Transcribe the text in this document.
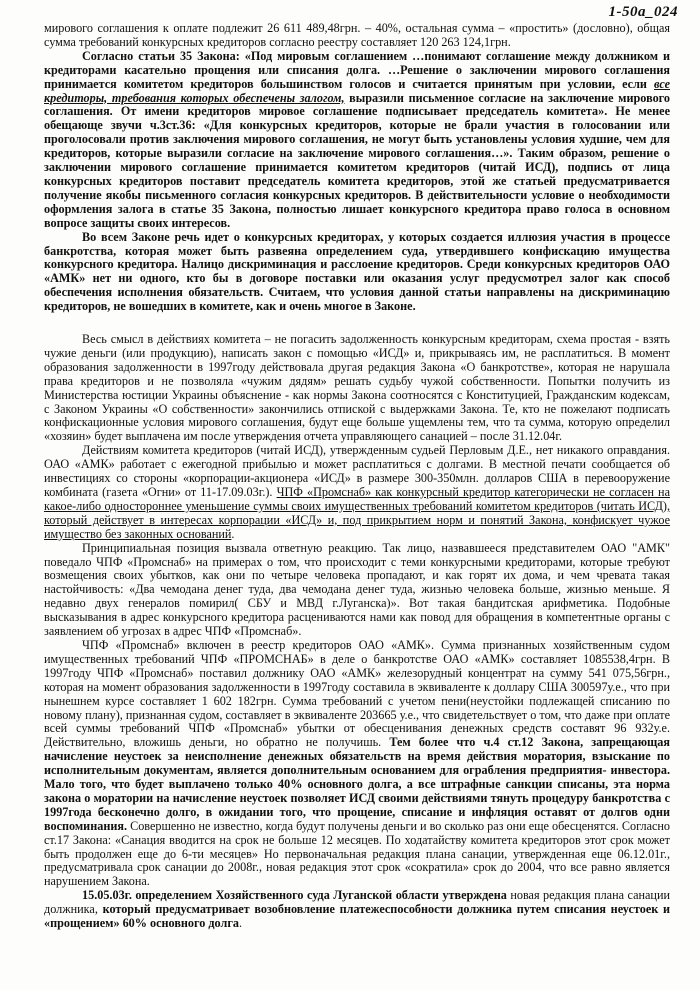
1-50а_024

мирового соглашения к оплате подлежит 26 611 489,48грн. – 40%, остальная сумма – «простить» (дословно), общая сумма требований конкурсных кредиторов согласно реестру составляет 120 263 124,1грн.

Согласно статьи 35 Закона: «Под мировым соглашением …понимают соглашение между должником и кредиторами касательно прощения или списания долга. …Решение о заключении мирового соглашения принимается комитетом кредиторов большинством голосов и считается принятым при условии, если все кредиторы, требования которых обеспечены залогом, выразили письменное согласие на заключение мирового соглашения. От имени кредиторов мировое соглашение подписывает председатель комитета». Не менее обещающе звучи ч.3ст.36: «Для конкурсных кредиторов, которые не брали участия в голосовании или проголосовали против заключения мирового соглашения, не могут быть установлены условия худшие, чем для кредиторов, которые выразили согласие на заключение мирового соглашения…». Таким образом, решение о заключении мирового соглашение принимается комитетом кредиторов (читай ИСД), подпись от лица конкурсных кредиторов поставит председатель комитета кредиторов, этой же статьей предусматривается получение якобы письменного согласия конкурсных кредиторов. В действительности условие о необходимости оформления залога в статье 35 Закона, полностью лишает конкурсного кредитора право голоса в основном вопросе защиты своих интересов.

Во всем Законе речь идет о конкурсных кредиторах, у которых создается иллюзия участия в процессе банкротства, которая может быть развеяна определением суда, утвердившего конфискацию имущества конкурсного кредитора. Налицо дискриминация и расслоение кредиторов. Среди конкурсных кредиторов ОАО «АМК» нет ни одного, кто бы в договоре поставки или оказания услуг предусмотрел залог как способ обеспечения исполнения обязательств. Считаем, что условия данной статьи направлены на дискриминацию кредиторов, не вошедших в комитете, как и очень многое в Законе.

Весь смысл в действиях комитета – не погасить задолженность конкурсным кредиторам, схема простая - взять чужие деньги (или продукцию), написать закон с помощью «ИСД» и, прикрываясь им, не расплатиться. В момент образования задолженности в 1997году действовала другая редакция Закона «О банкротстве», которая не нарушала права кредиторов и не позволяла «чужим дядям» решать судьбу чужой собственности. Попытки получить из Министерства юстиции Украины объяснение - как нормы Закона соотносятся с Конституцией, Гражданским кодексам, с Законом Украины «О собственности» закончились отпиской с выдержками Закона. Те, кто не пожелают подписать конфискационные условия мирового соглашения, будут еще больше ущемлены тем, что та сумма, которую определил «хозяин» будет выплачена им после утверждения отчета управляющего санацией – после 31.12.04г.

Действиям комитета кредиторов (читай ИСД), утвержденным судьей Перловым Д.Е., нет никакого оправдания. ОАО «АМК» работает с ежегодной прибылью и может расплатиться с долгами. В местной печати сообщается об инвестициях со стороны «корпорации-акционера «ИСД» в размере 300-350млн. долларов США в перевооружение комбината (газета «Огни» от 11-17.09.03г.). ЧПФ «Промснаб» как конкурсный кредитор категорически не согласен на какое-либо одностороннее уменьшение суммы своих имущественных требований комитетом кредиторов (читать ИСД), который действует в интересах корпорации «ИСД» и, под прикрытием норм и понятий Закона, конфискует чужое имущество без законных оснований.

Принципиальная позиция вызвала ответную реакцию. Так лицо, назвавшееся представителем ОАО "АМК" поведало ЧПФ «Промснаб» на примерах о том, что происходит с теми конкурсными кредиторами, которые требуют возмещения своих убытков, как они по четыре человека пропадают, и как горят их дома, и чем чревата такая настойчивость: «Два чемодана денег туда, два чемодана денег туда, жизнью человека больше, жизнью меньше. Я недавно двух генералов помирил( СБУ и МВД г.Луганска)». Вот такая бандитская арифметика. Подобные высказывания в адрес конкурсного кредитора расцениваются нами как повод для обращения в компетентные органы с заявлением об угрозах в адрес ЧПФ «Промснаб».

ЧПФ «Промснаб» включен в реестр кредиторов ОАО «АМК». Сумма признанных хозяйственным судом имущественных требований ЧПФ «ПРОМСНАБ» в деле о банкротстве ОАО «АМК» составляет 1085538,4грн. В 1997году ЧПФ «Промснаб» поставил должнику ОАО «АМК» железорудный концентрат на сумму 541 075,56грн., которая на момент образования задолженности в 1997году составила в эквиваленте к доллару США 300597у.е., что при нынешнем курсе составляет 1 602 182грн. Сумма требований с учетом пени(неустойки подлежащей списанию по новому плану), признанная судом, составляет в эквиваленте 203665 у.е., что свидетельствует о том, что даже при оплате всей суммы требований ЧПФ «Промснаб» убытки от обесценивания денежных средств составят 96 932у.е. Действительно, вложишь деньги, но обратно не получишь. Тем более что ч.4 ст.12 Закона, запрещающая начисление неустоек за неисполнение денежных обязательств на время действия моратория, взыскание по исполнительным документам, является дополнительным основанием для ограбления предприятия- инвестора. Мало того, что будет выплачено только 40% основного долга, а все штрафные санкции списаны, эта норма закона о моратории на начисление неустоек позволяет ИСД своими действиями тянуть процедуру банкротства с 1997года бесконечно долго, в ожидании того, что прощение, списание и инфляция оставят от долгов одни воспоминания. Совершенно не известно, когда будут получены деньги и во сколько раз они еще обесценятся. Согласно ст.17 Закона: «Санация вводится на срок не больше 12 месяцев. По ходатайству комитета кредиторов этот срок может быть продолжен еще до 6-ти месяцев» Но первоначальная редакция плана санации, утвержденная еще 06.12.01г., предусматривала срок санации до 2008г., новая редакция этот срок «сократила» срок до 2004, что все равно является нарушением Закона.

15.05.03г. определением Хозяйственного суда Луганской области утверждена новая редакция плана санации должника, который предусматривает возобновление платежеспособности должника путем списания неустоек и «прощением» 60% основного долга.
